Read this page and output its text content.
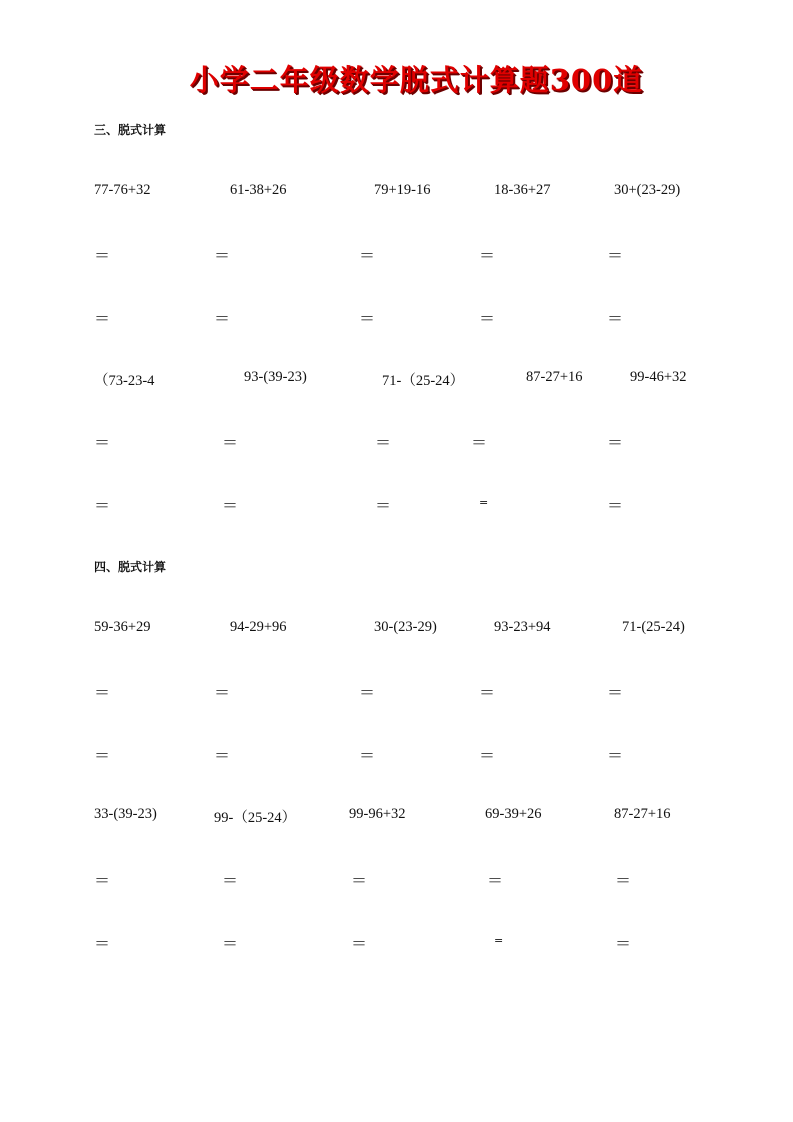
小学二年级数学脱式计算题300道
三、脱式计算
77-76+32	61-38+26	79+19-16	18-36+27	30+(23-29)
＝	＝	＝	＝	＝
＝	＝	＝	＝	＝
（73-23-4	93-(39-23)	71-（25-24）	87-27+16	99-46+32
＝	＝	＝	＝	＝
＝	＝	＝	=	＝
四、脱式计算
59-36+29	94-29+96	30-(23-29)	93-23+94	71-(25-24)
＝	＝	＝	＝	＝
＝	＝	＝	＝	＝
33-(39-23)	99-（25-24）	99-96+32	69-39+26	87-27+16
＝	＝	＝	＝	＝
＝	＝	＝	=	＝
